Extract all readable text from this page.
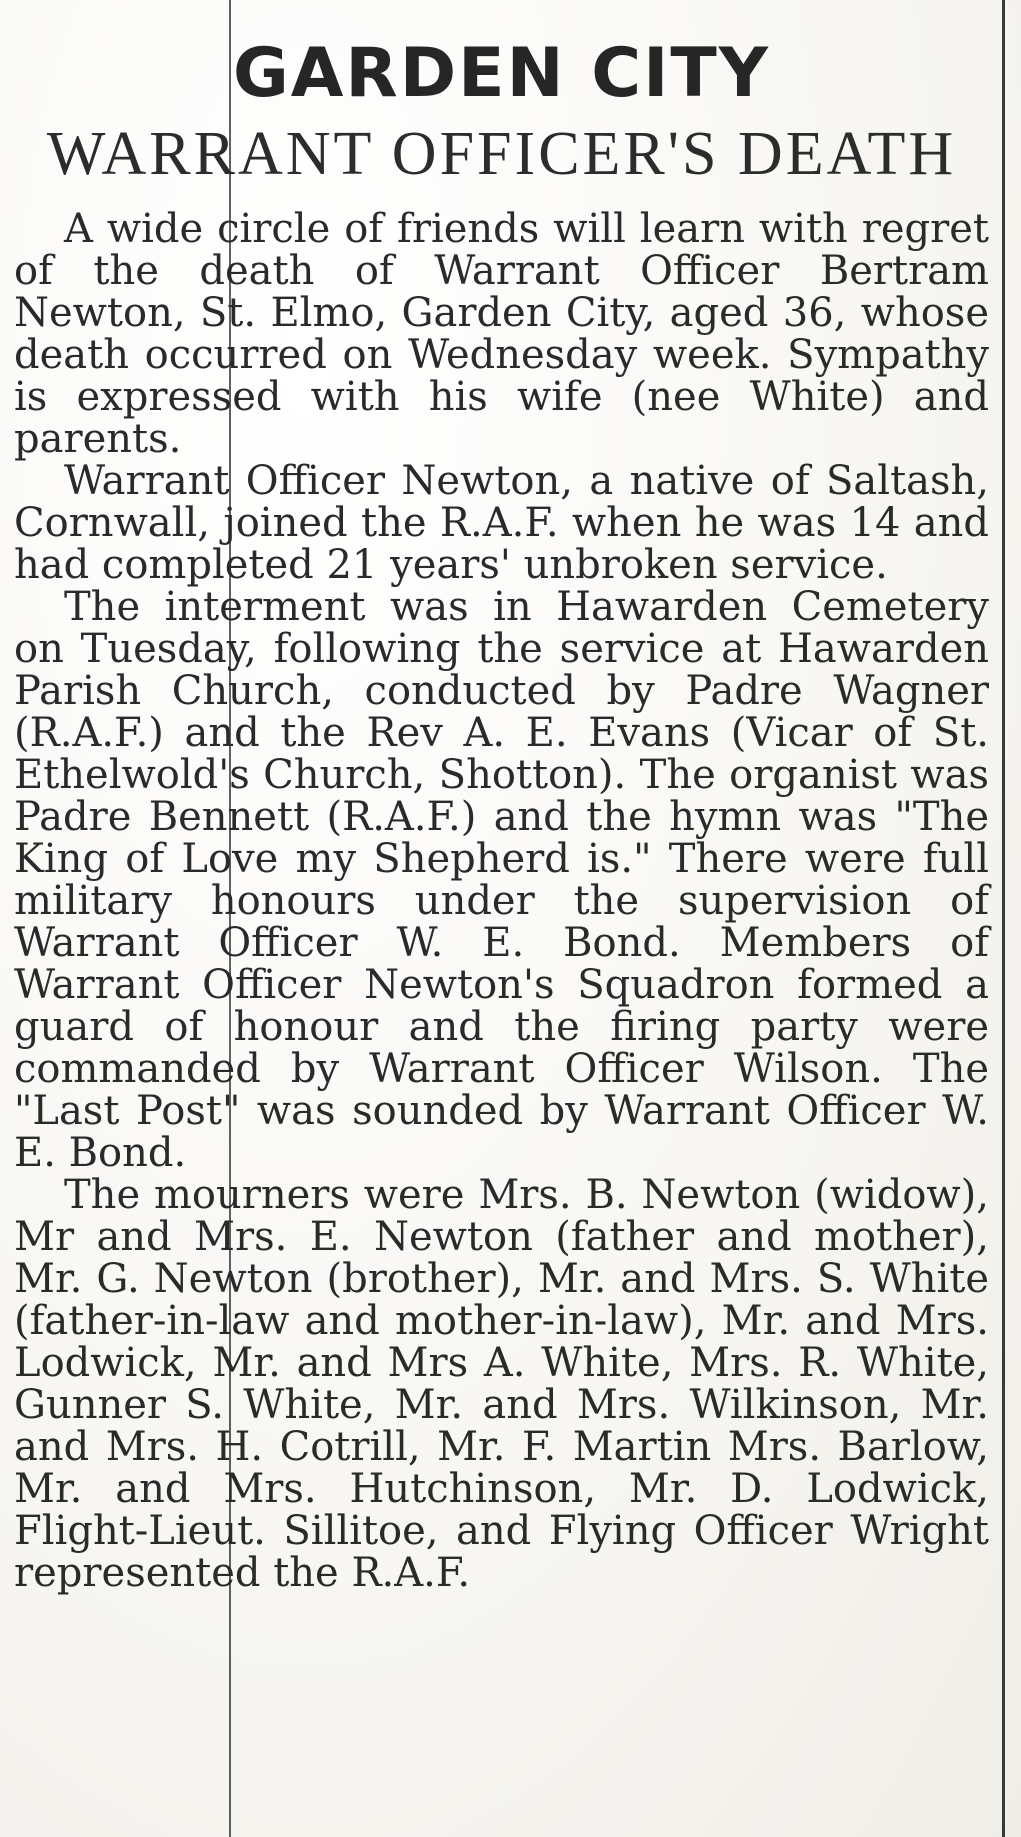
GARDEN CITY
WARRANT OFFICER'S DEATH

A wide circle of friends will learn with regret of the death of Warrant Officer Bertram Newton, St. Elmo, Garden City, aged 36, whose death occurred on Wednesday week. Sympathy is expressed with his wife (nee White) and parents.

Warrant Officer Newton, a native of Saltash, Cornwall, joined the R.A.F. when he was 14 and had completed 21 years' unbroken service.

The interment was in Hawarden Cemetery on Tuesday, following the service at Hawarden Parish Church, conducted by Padre Wagner (R.A.F.) and the Rev A. E. Evans (Vicar of St. Ethelwold's Church, Shotton). The organist was Padre Bennett (R.A.F.) and the hymn was "The King of Love my Shepherd is." There were full military honours under the supervision of Warrant Officer W. E. Bond. Members of Warrant Officer Newton's Squadron formed a guard of honour and the firing party were commanded by Warrant Officer Wilson. The "Last Post" was sounded by Warrant Officer W. E. Bond.

The mourners were Mrs. B. Newton (widow), Mr and Mrs. E. Newton (father and mother), Mr. G. Newton (brother), Mr. and Mrs. S. White (father-in-law and mother-in-law), Mr. and Mrs. Lodwick, Mr. and Mrs A. White, Mrs. R. White, Gunner S. White, Mr. and Mrs. Wilkinson, Mr. and Mrs. H. Cotrill, Mr. F. Martin Mrs. Barlow, Mr. and Mrs. Hutchinson, Mr. D. Lodwick, Flight-Lieut. Sillitoe, and Flying Officer Wright represented the R.A.F.
